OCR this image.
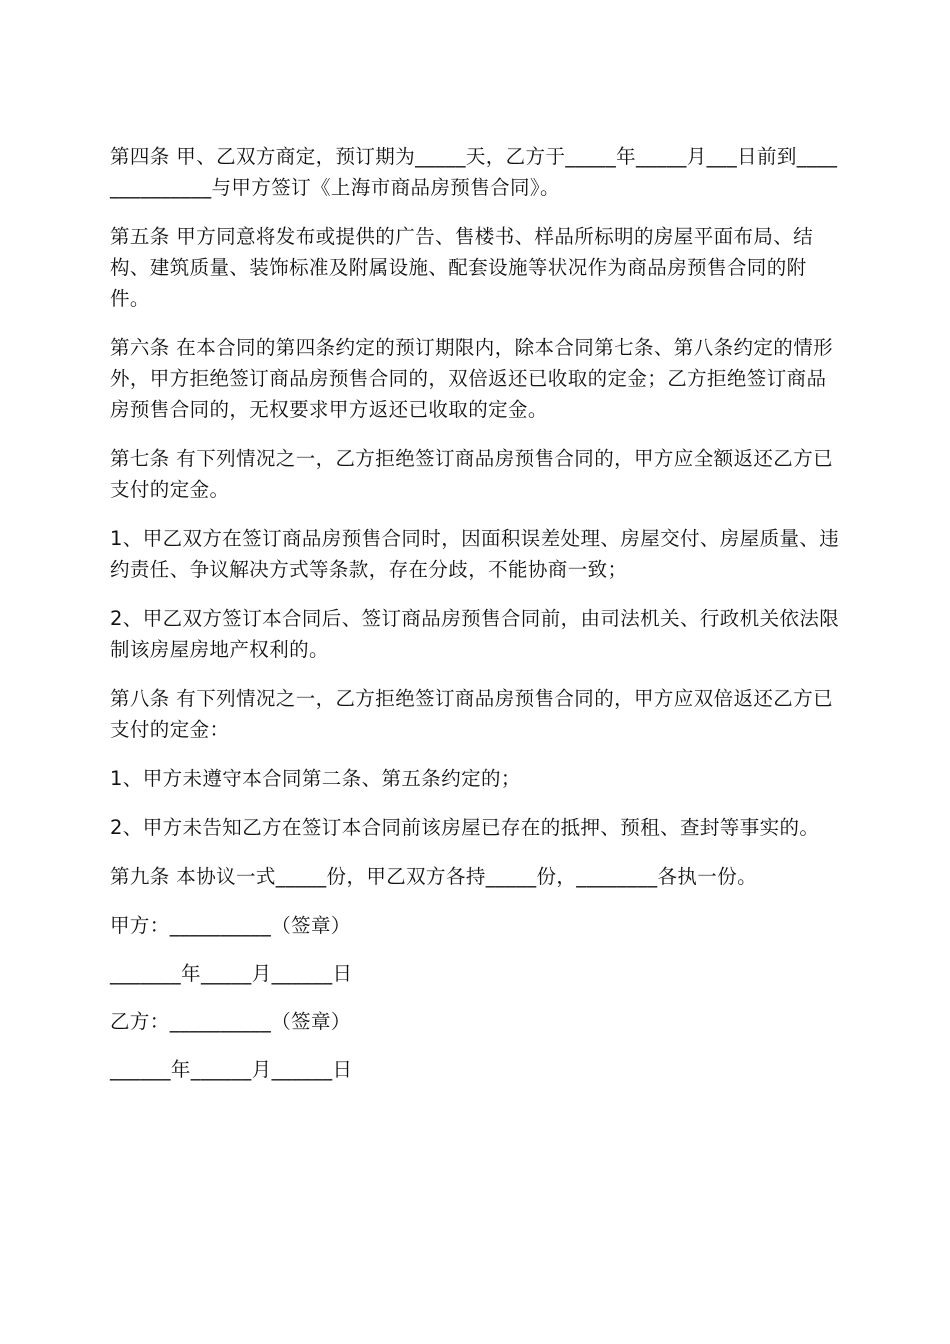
第四条 甲、乙双方商定，预订期为_____天，乙方于_____年_____月___日前到______________与甲方签订《上海市商品房预售合同》。

第五条 甲方同意将发布或提供的广告、售楼书、样品所标明的房屋平面布局、结构、建筑质量、装饰标准及附属设施、配套设施等状况作为商品房预售合同的附件。

第六条 在本合同的第四条约定的预订期限内，除本合同第七条、第八条约定的情形外，甲方拒绝签订商品房预售合同的，双倍返还已收取的定金；乙方拒绝签订商品房预售合同的，无权要求甲方返还已收取的定金。

第七条 有下列情况之一，乙方拒绝签订商品房预售合同的，甲方应全额返还乙方已支付的定金。

1、甲乙双方在签订商品房预售合同时，因面积误差处理、房屋交付、房屋质量、违约责任、争议解决方式等条款，存在分歧，不能协商一致；

2、甲乙双方签订本合同后、签订商品房预售合同前，由司法机关、行政机关依法限制该房屋房地产权利的。

第八条 有下列情况之一，乙方拒绝签订商品房预售合同的，甲方应双倍返还乙方已支付的定金：

1、甲方未遵守本合同第二条、第五条约定的；

2、甲方未告知乙方在签订本合同前该房屋已存在的抵押、预租、查封等事实的。

第九条 本协议一式_____份，甲乙双方各持_____份，________各执一份。

甲方：__________（签章）

_______年_____月______日

乙方：__________（签章）

______年______月______日
